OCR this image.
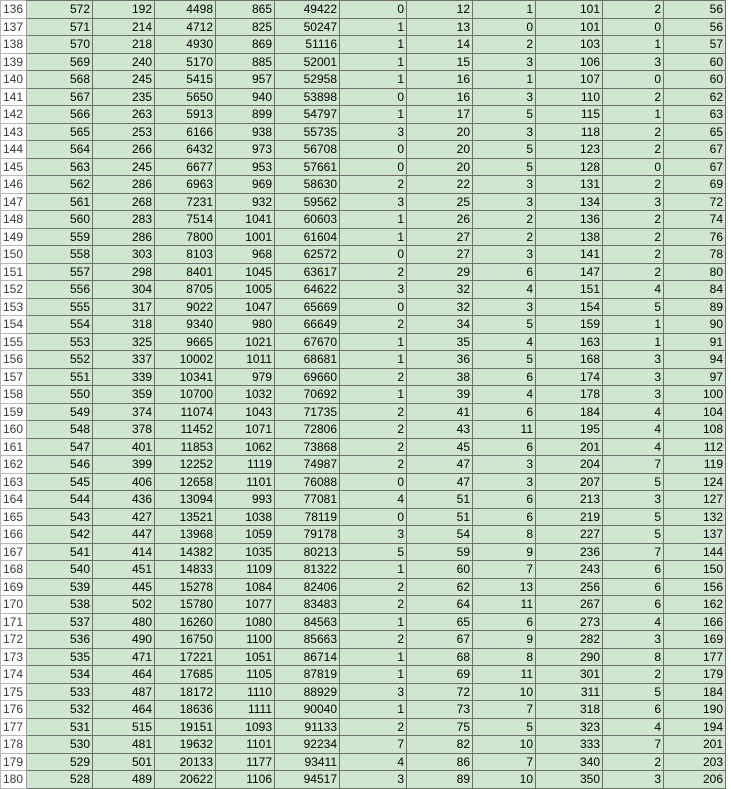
136	572	192	4498	865	49422	0	12	1	101	2	56
137	571	214	4712	825	50247	1	13	0	101	0	56
138	570	218	4930	869	51116	1	14	2	103	1	57
139	569	240	5170	885	52001	1	15	3	106	3	60
140	568	245	5415	957	52958	1	16	1	107	0	60
141	567	235	5650	940	53898	0	16	3	110	2	62
142	566	263	5913	899	54797	1	17	5	115	1	63
143	565	253	6166	938	55735	3	20	3	118	2	65
144	564	266	6432	973	56708	0	20	5	123	2	67
145	563	245	6677	953	57661	0	20	5	128	0	67
146	562	286	6963	969	58630	2	22	3	131	2	69
147	561	268	7231	932	59562	3	25	3	134	3	72
148	560	283	7514	1041	60603	1	26	2	136	2	74
149	559	286	7800	1001	61604	1	27	2	138	2	76
150	558	303	8103	968	62572	0	27	3	141	2	78
151	557	298	8401	1045	63617	2	29	6	147	2	80
152	556	304	8705	1005	64622	3	32	4	151	4	84
153	555	317	9022	1047	65669	0	32	3	154	5	89
154	554	318	9340	980	66649	2	34	5	159	1	90
155	553	325	9665	1021	67670	1	35	4	163	1	91
156	552	337	10002	1011	68681	1	36	5	168	3	94
157	551	339	10341	979	69660	2	38	6	174	3	97
158	550	359	10700	1032	70692	1	39	4	178	3	100
159	549	374	11074	1043	71735	2	41	6	184	4	104
160	548	378	11452	1071	72806	2	43	11	195	4	108
161	547	401	11853	1062	73868	2	45	6	201	4	112
162	546	399	12252	1119	74987	2	47	3	204	7	119
163	545	406	12658	1101	76088	0	47	3	207	5	124
164	544	436	13094	993	77081	4	51	6	213	3	127
165	543	427	13521	1038	78119	0	51	6	219	5	132
166	542	447	13968	1059	79178	3	54	8	227	5	137
167	541	414	14382	1035	80213	5	59	9	236	7	144
168	540	451	14833	1109	81322	1	60	7	243	6	150
169	539	445	15278	1084	82406	2	62	13	256	6	156
170	538	502	15780	1077	83483	2	64	11	267	6	162
171	537	480	16260	1080	84563	1	65	6	273	4	166
172	536	490	16750	1100	85663	2	67	9	282	3	169
173	535	471	17221	1051	86714	1	68	8	290	8	177
174	534	464	17685	1105	87819	1	69	11	301	2	179
175	533	487	18172	1110	88929	3	72	10	311	5	184
176	532	464	18636	1111	90040	1	73	7	318	6	190
177	531	515	19151	1093	91133	2	75	5	323	4	194
178	530	481	19632	1101	92234	7	82	10	333	7	201
179	529	501	20133	1177	93411	4	86	7	340	2	203
180	528	489	20622	1106	94517	3	89	10	350	3	206
